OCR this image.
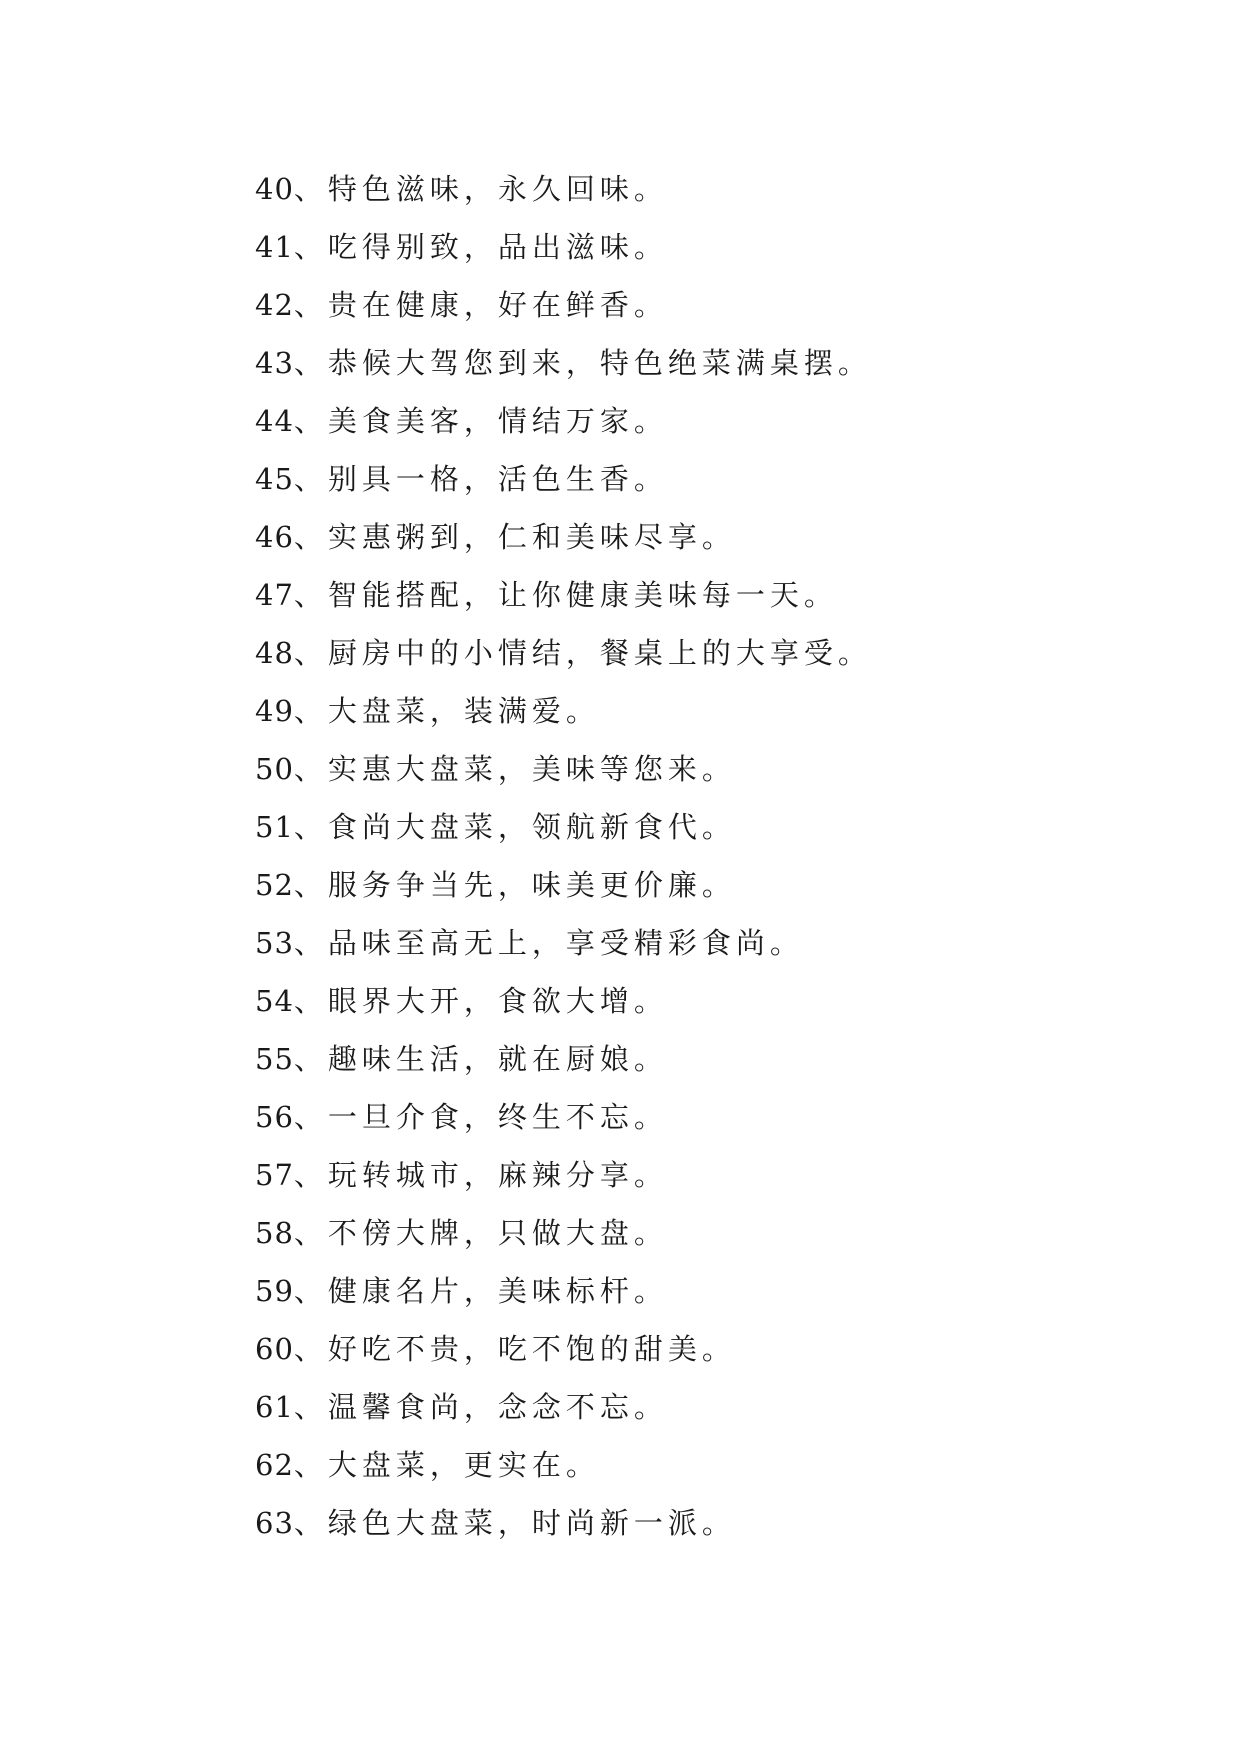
40、特色滋味，永久回味。
41、吃得别致，品出滋味。
42、贵在健康，好在鲜香。
43、恭候大驾您到来，特色绝菜满桌摆。
44、美食美客，情结万家。
45、别具一格，活色生香。
46、实惠粥到，仁和美味尽享。
47、智能搭配，让你健康美味每一天。
48、厨房中的小情结，餐桌上的大享受。
49、大盘菜，装满爱。
50、实惠大盘菜，美味等您来。
51、食尚大盘菜，领航新食代。
52、服务争当先，味美更价廉。
53、品味至高无上，享受精彩食尚。
54、眼界大开，食欲大增。
55、趣味生活，就在厨娘。
56、一旦介食，终生不忘。
57、玩转城市，麻辣分享。
58、不傍大牌，只做大盘。
59、健康名片，美味标杆。
60、好吃不贵，吃不饱的甜美。
61、温馨食尚，念念不忘。
62、大盘菜，更实在。
63、绿色大盘菜，时尚新一派。
